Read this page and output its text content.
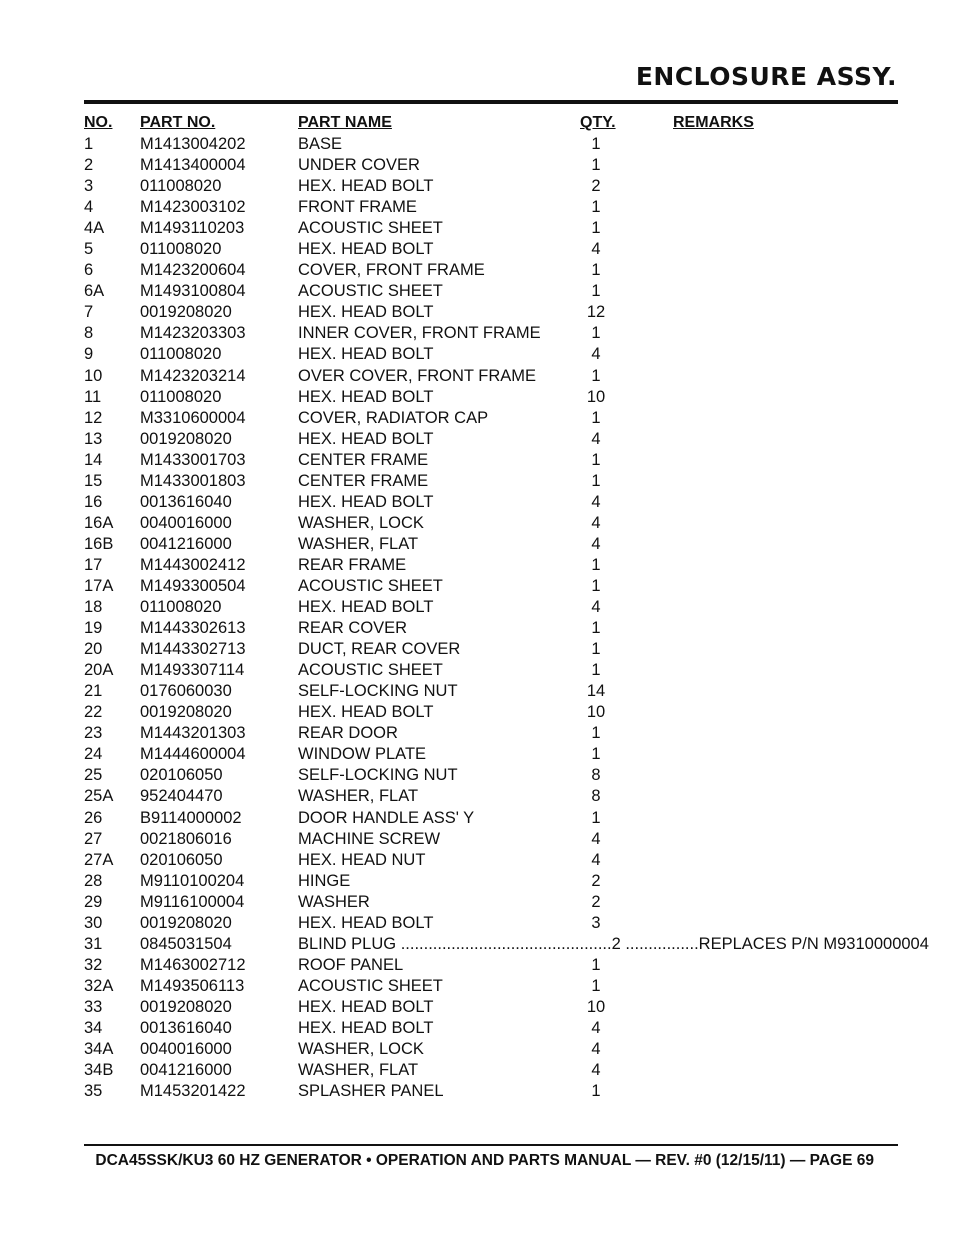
ENCLOSURE ASSY.
NO. PART NO.	PART NAME	QTY.	REMARKS
1	M1413004202	BASE	1
2	M1413400004	UNDER COVER	1
3	011008020	HEX. HEAD BOLT	2
4	M1423003102	FRONT FRAME	1
4A M1493110203	ACOUSTIC SHEET	1
5	011008020	HEX. HEAD BOLT	4
6	M1423200604	COVER, FRONT FRAME	1
6A M1493100804	ACOUSTIC SHEET	1
7	0019208020	HEX. HEAD BOLT	12
8	M1423203303	INNER COVER, FRONT FRAME	1
9	011008020	HEX. HEAD BOLT	4
10 M1423203214	OVER COVER, FRONT FRAME	1
11 011008020	HEX. HEAD BOLT	10
12 M3310600004	COVER, RADIATOR CAP	1
13 0019208020	HEX. HEAD BOLT	4
14 M1433001703	CENTER FRAME	1
15 M1433001803	CENTER FRAME	1
16 0013616040	HEX. HEAD BOLT	4
16A 0040016000	WASHER, LOCK	4
16B 0041216000	WASHER, FLAT	4
17 M1443002412	REAR FRAME	1
17A M1493300504	ACOUSTIC SHEET	1
18 011008020	HEX. HEAD BOLT	4
19 M1443302613	REAR COVER	1
20 M1443302713	DUCT, REAR COVER	1
20A M1493307114	ACOUSTIC SHEET	1
21 0176060030	SELF-LOCKING NUT	14
22 0019208020	HEX. HEAD BOLT	10
23 M1443201303	REAR DOOR	1
24 M1444600004	WINDOW PLATE	1
25 020106050	SELF-LOCKING NUT	8
25A 952404470	WASHER, FLAT	8
26 B9114000002	DOOR HANDLE ASS' Y	1
27 0021806016	MACHINE SCREW	4
27A 020106050	HEX. HEAD NUT	4
28 M9110100204	HINGE	2
29 M9116100004	WASHER	2
30 0019208020	HEX. HEAD BOLT	3
31 0845031504	BLIND PLUG ..............................................2 ................REPLACES P/N M9310000004
32 M1463002712	ROOF PANEL	1
32A M1493506113	ACOUSTIC SHEET	1
33 0019208020	HEX. HEAD BOLT	10
34 0013616040	HEX. HEAD BOLT	4
34A 0040016000	WASHER, LOCK	4
34B 0041216000	WASHER, FLAT	4
35 M1453201422	SPLASHER PANEL	1
DCA45SSK/KU3 60 HZ GENERATOR • OPERATION AND PARTS MANUAL — REV. #0 (12/15/11) — PAGE 69
